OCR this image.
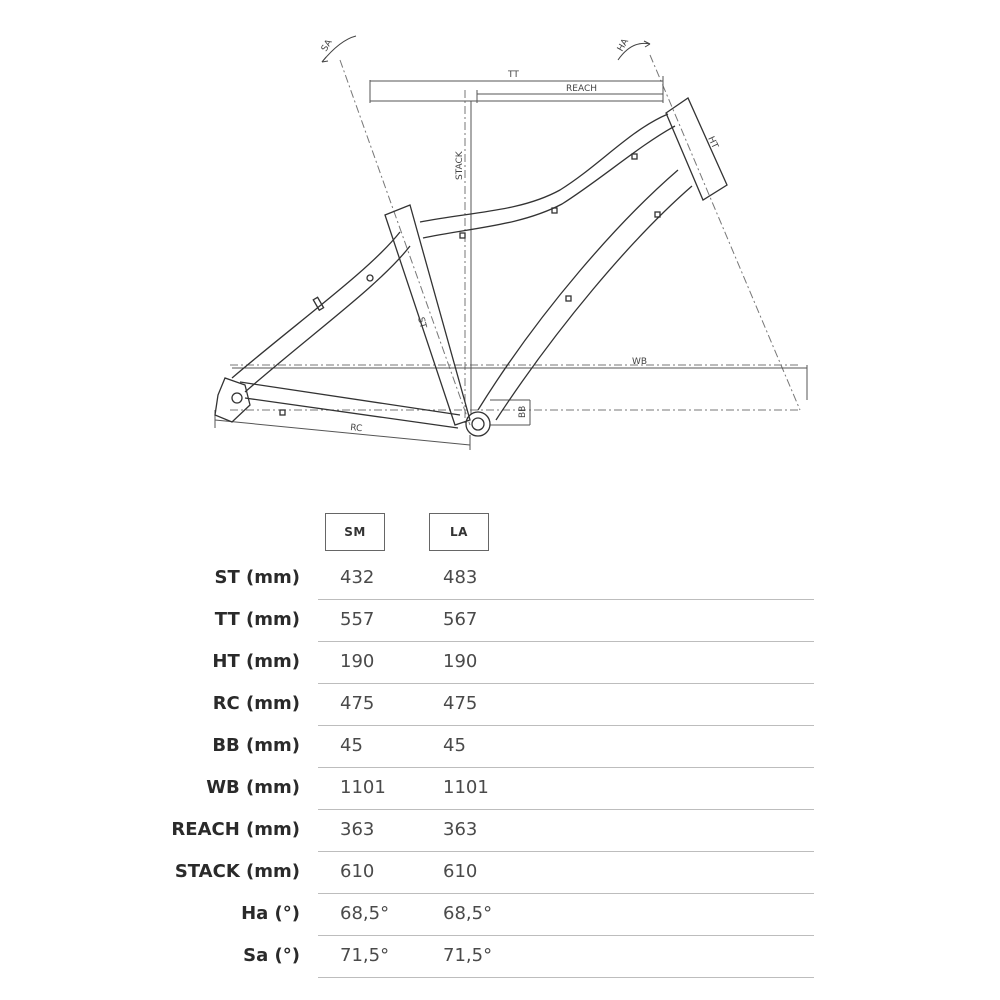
SA	HA
TT
REACH
HT
STACK
ST
WB
BB
RC
SM	LA
ST (mm) 432	483
TT (mm) 557	567
HT (mm) 190	190
RC (mm) 475	475
BB (mm) 45	45
WB (mm) 1101	1101
REACH (mm) 363	363
STACK (mm) 610	610
Ha (°) 68,5°	68,5°
Sa (°) 71,5°	71,5°
